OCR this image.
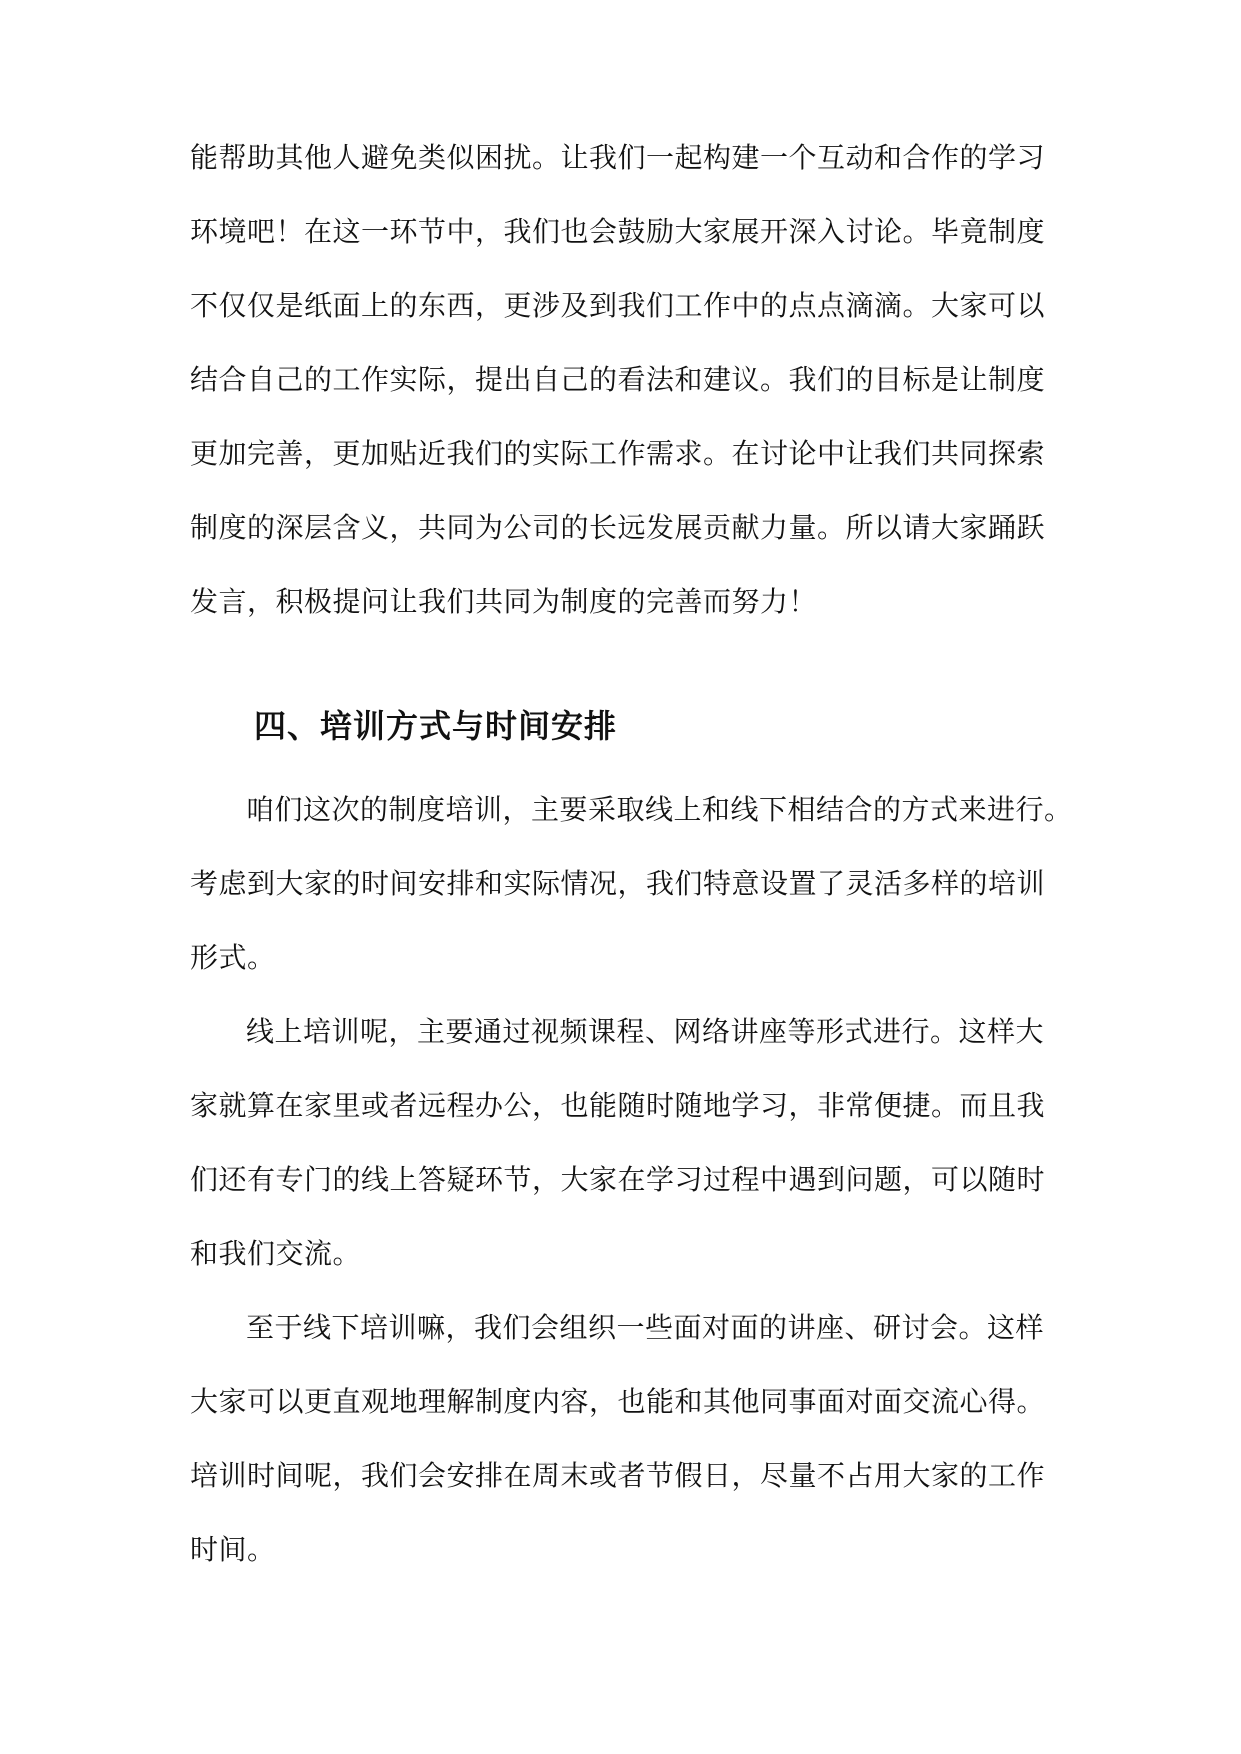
能帮助其他人避免类似困扰。让我们一起构建一个互动和合作的学习
环境吧！在这一环节中，我们也会鼓励大家展开深入讨论。毕竟制度
不仅仅是纸面上的东西，更涉及到我们工作中的点点滴滴。大家可以
结合自己的工作实际，提出自己的看法和建议。我们的目标是让制度
更加完善，更加贴近我们的实际工作需求。在讨论中让我们共同探索
制度的深层含义，共同为公司的长远发展贡献力量。所以请大家踊跃
发言，积极提问让我们共同为制度的完善而努力！
四、培训方式与时间安排
咱们这次的制度培训，主要采取线上和线下相结合的方式来进行。
考虑到大家的时间安排和实际情况，我们特意设置了灵活多样的培训
形式。
线上培训呢，主要通过视频课程、网络讲座等形式进行。这样大
家就算在家里或者远程办公，也能随时随地学习，非常便捷。而且我
们还有专门的线上答疑环节，大家在学习过程中遇到问题，可以随时
和我们交流。
至于线下培训嘛，我们会组织一些面对面的讲座、研讨会。这样
大家可以更直观地理解制度内容，也能和其他同事面对面交流心得。
培训时间呢，我们会安排在周末或者节假日，尽量不占用大家的工作
时间。
